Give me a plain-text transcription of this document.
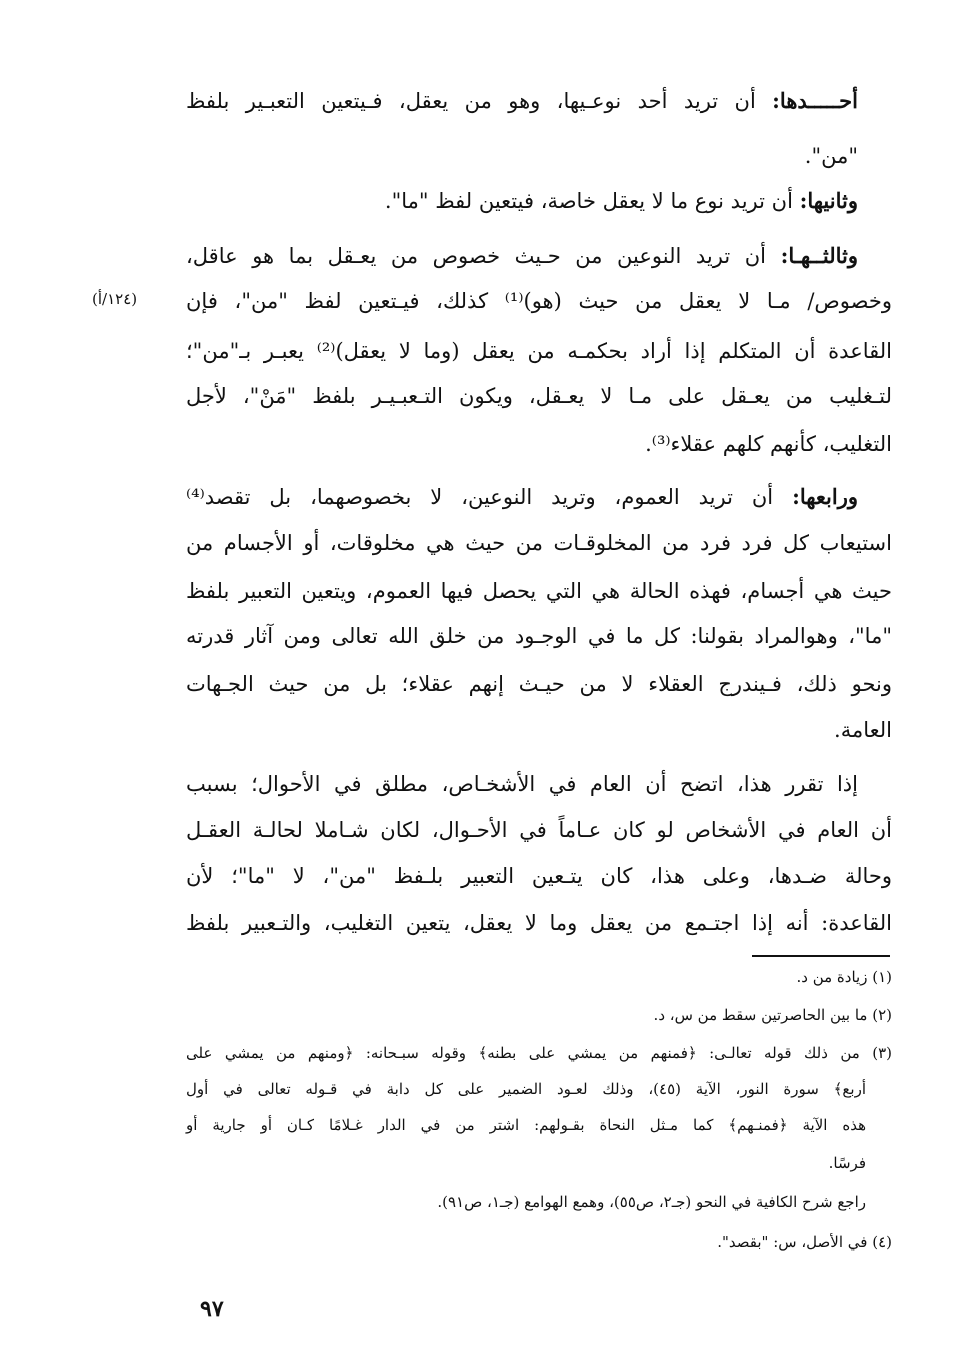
أحـــــدها: أن تريد أحد نوعـيها، وهو من يعقل، فـيتعين التعبـير بلفظ
"من".
وثانيها: أن تريد نوع ما لا يعقل خاصة، فيتعين لفظ "ما".
وثالثــهـا: أن تريد النوعين من حـيث خصوص من يعـقل بما هو عاقل،
وخصوص/ مـا لا يعقل من حيث (هو)⁽¹⁾ كذلك، فيـتعين لفظ "من"، فإن
القاعدة أن المتكلم إذا أراد بحكمـه من يعقل (وما لا يعقل)⁽²⁾ يعبـر بـ"من"؛
لتـغليب من يعـقل على مـا لا يعـقل، ويكون التـعبـيـر بلفظ "مَنْ"، لأجل
التغليب، كأنهم كلهم عقلاء⁽³⁾.
(١٢٤/أ)
ورابعها: أن تريد العموم، وتريد النوعين، لا بخصوصهما، بل تقصد⁽⁴⁾
استيعاب كل فرد فرد من المخلوقـات من حيث هي مخلوقات، أو الأجسام من
حيث هي أجسام، فهذه الحالة هي التي يحصل فيها العموم، ويتعين التعبير بلفظ
"ما"، وهوالمراد بقولنا: كل ما في الوجـود من خلق الله تعالى ومن آثار قدرته
ونحو ذلك، فـيندرج العقلاء لا من حيـث إنهم عقلاء؛ بل من حيث الجـهات
العامة.
إذا تقرر هذا، اتضح أن العام في الأشخـاص، مطلق في الأحوال؛ بسبب
أن العام في الأشخاص لو كان عـاماً في الأحـوال، لكان شـاملا لحالـة العقـل
وحالة ضـدها، وعلى هذا، كان يتـعين التعبير بلـفظ "من"، لا "ما"؛ لأن
القاعدة: أنه إذا اجتـمع من يعقل وما لا يعقل، يتعين التغليب، والتـعبير بلفظ
(١) زيادة من د.
(٢) ما بين الحاصرتين سقط من س، د.
(٣) من ذلك قوله تعالـى: ﴿فمنهم من يمشي على بطنه﴾ وقوله سبـحانه: ﴿ومنهم من يمشي على
أربع﴾ سورة النور، الآية (٤٥)، وذلك لعـود الضمير على كل دابة في قـوله تعالى في أول
هذه الآية ﴿فمنـهم﴾ كما مـثل النحاة بقـولهم: اشتر من في الدار غـلامًا كـان أو جارية أو
فرسًا.
راجع شرح الكافية في النحو (جـ٢، ص٥٥)، وهمع الهوامع (جـ١، ص٩١).
(٤) في الأصل، س: "بقصد".
٩٧
